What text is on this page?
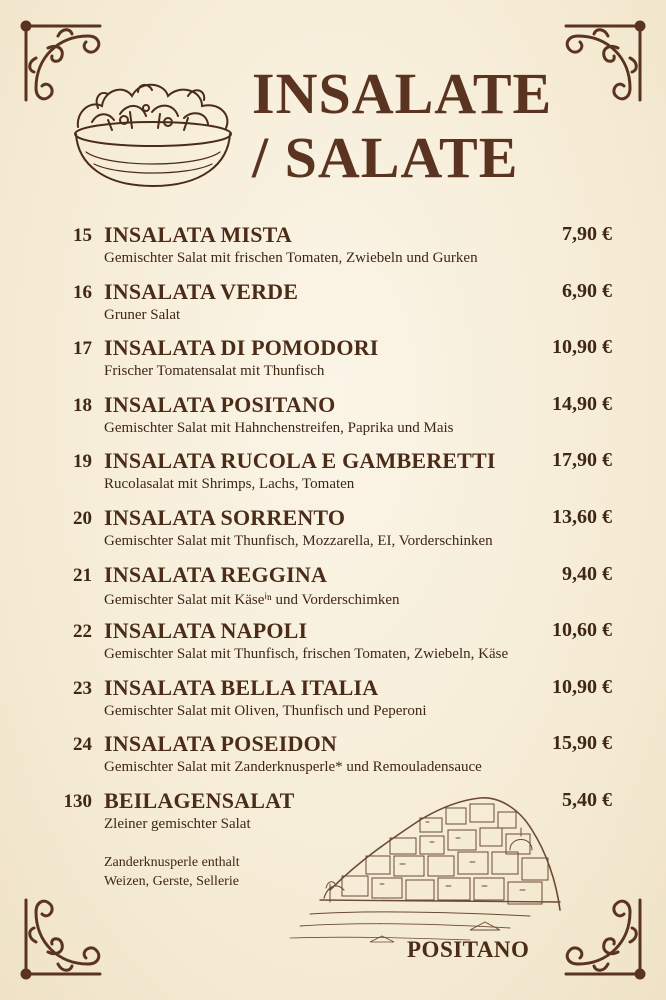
INSALATE
/ SALATE
15 INSALATA MISTA	7,90 €
Gemischter Salat mit frischen Tomaten, Zwiebeln und Gurken
16 INSALATA VERDE	6,90 €
Gruner Salat
17 INSALATA DI POMODORI	10,90 €
Frischer Tomatensalat mit Thunfisch
18 INSALATA POSITANO	14,90 €
Gemischter Salat mit Hahnchenstreifen, Paprika und Mais
19 INSALATA RUCOLA E GAMBERETTI	17,90 €
Rucolasalat mit Shrimps, Lachs, Tomaten
20 INSALATA SORRENTO	13,60 €
Gemischter Salat mit Thunfisch, Mozzarella, EI, Vorderschinken
21 INSALATA REGGINA	9,40 €
Gemischter Salat mit Käseⁱⁿ und Vorderschimken
22 INSALATA NAPOLI	10,60 €
Gemischter Salat mit Thunfisch, frischen Tomaten, Zwiebeln, Käse
23 INSALATA BELLA ITALIA	10,90 €
Gemischter Salat mit Oliven, Thunfisch und Peperoni
24 INSALATA POSEIDON	15,90 €
Gemischter Salat mit Zanderknusperle* und Remouladensauce
130 BEILAGENSALAT	5,40 €
Zleiner gemischter Salat
Zanderknusperle enthalt
Weizen, Gerste, Sellerie
POSITANO
